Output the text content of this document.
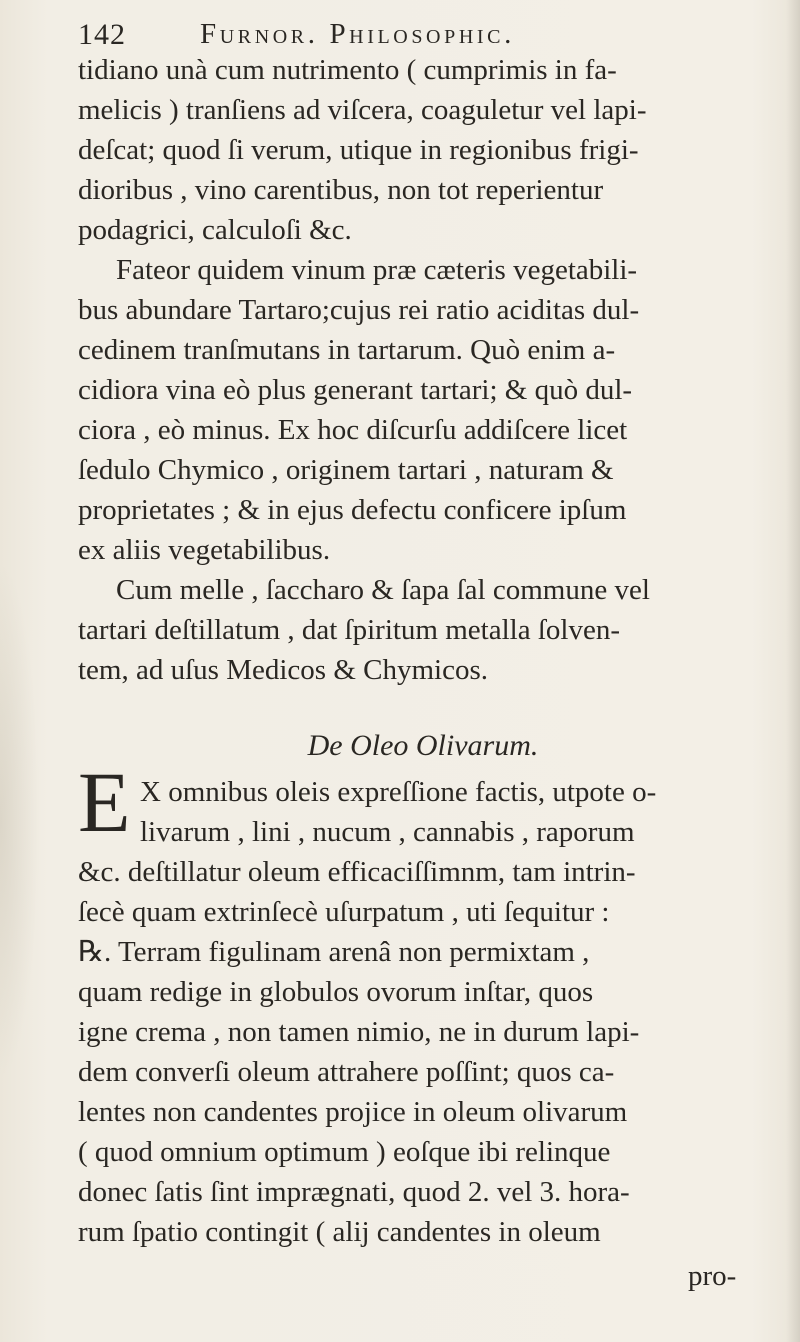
142	Furnor. Philosophic.
tidiano unà cum nutrimento ( cumprimis in fa-
melicis ) tranſiens ad viſcera, coaguletur vel lapi-
deſcat; quod ſi verum, utique in regionibus frigi-
dioribus , vino carentibus, non tot reperientur
podagrici, calculoſi &c.
Fateor quidem vinum præ cæteris vegetabili-
bus abundare Tartaro;cujus rei ratio aciditas dul-
cedinem tranſmutans in tartarum. Quò enim a-
cidiora vina eò plus generant tartari; & quò dul-
ciora , eò minus. Ex hoc diſcurſu addiſcere licet
ſedulo Chymico , originem tartari , naturam &
proprietates ; & in ejus defectu conficere ipſum
ex aliis vegetabilibus.
Cum melle , ſaccharo & ſapa ſal commune vel
tartari deſtillatum , dat ſpiritum metalla ſolven-
tem, ad uſus Medicos & Chymicos.
De Oleo Olivarum.
E X omnibus oleis expreſſione factis, utpote o-
livarum , lini , nucum , cannabis , raporum
&c. deſtillatur oleum efficaciſſimnm, tam intrin-
ſecè quam extrinſecè uſurpatum , uti ſequitur :
℞. Terram figulinam arenâ non permixtam ,
quam redige in globulos ovorum inſtar, quos
igne crema , non tamen nimio, ne in durum lapi-
dem converſi oleum attrahere poſſint; quos ca-
lentes non candentes projice in oleum olivarum
( quod omnium optimum ) eoſque ibi relinque
donec ſatis ſint imprægnati, quod 2. vel 3. hora-
rum ſpatio contingit ( alij candentes in oleum
pro-
